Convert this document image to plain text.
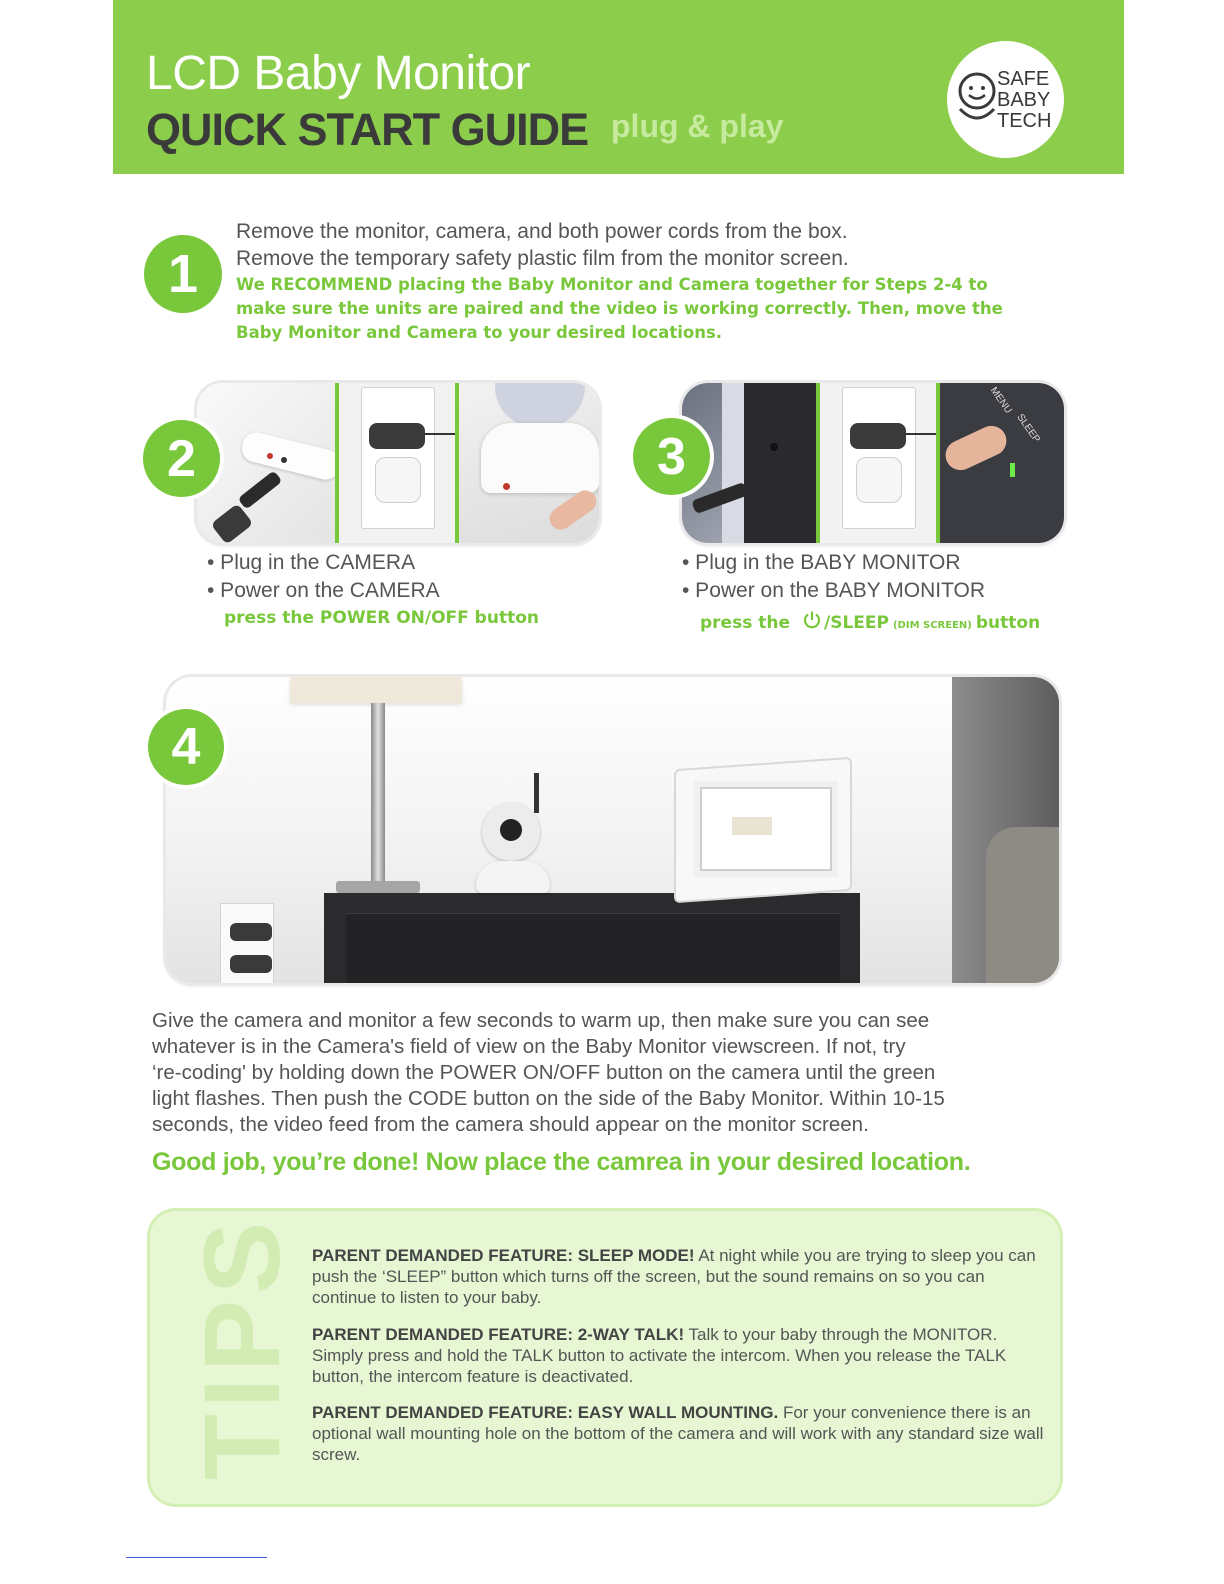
LCD Baby Monitor
QUICK START GUIDE plug & play
SAFE
BABY
TECH
1
Remove the monitor, camera, and both power cords from the box.
Remove the temporary safety plastic film from the monitor screen.
We RECOMMEND placing the Baby Monitor and Camera together for Steps 2-4 to
make sure the units are paired and the video is working correctly. Then, move the
Baby Monitor and Camera to your desired locations.
2
• Plug in the CAMERA
• Power on the CAMERA
press the POWER ON/OFF button
MENU
SLEEP
3
• Plug in the BABY MONITOR
• Power on the BABY MONITOR
press the /SLEEP (DIM SCREEN) button
4
Give the camera and monitor a few seconds to warm up, then make sure you can see
whatever is in the Camera's field of view on the Baby Monitor viewscreen. If not, try
‘re-coding' by holding down the POWER ON/OFF button on the camera until the green
light flashes. Then push the CODE button on the side of the Baby Monitor. Within 10-15
seconds, the video feed from the camera should appear on the monitor screen.
Good job, you’re done! Now place the camrea in your desired location.
TIPS PARENT DEMANDED FEATURE: SLEEP MODE! At night while you are trying to sleep you can push the ‘SLEEP” button which turns off the screen, but the sound remains on so you can continue to listen to your baby.
PARENT DEMANDED FEATURE: 2-WAY TALK! Talk to your baby through the MONITOR. Simply press and hold the TALK button to activate the intercom. When you release the TALK button, the intercom feature is deactivated.
PARENT DEMANDED FEATURE: EASY WALL MOUNTING. For your convenience there is an optional wall mounting hole on the bottom of the camera and will work with any standard size wall screw.
